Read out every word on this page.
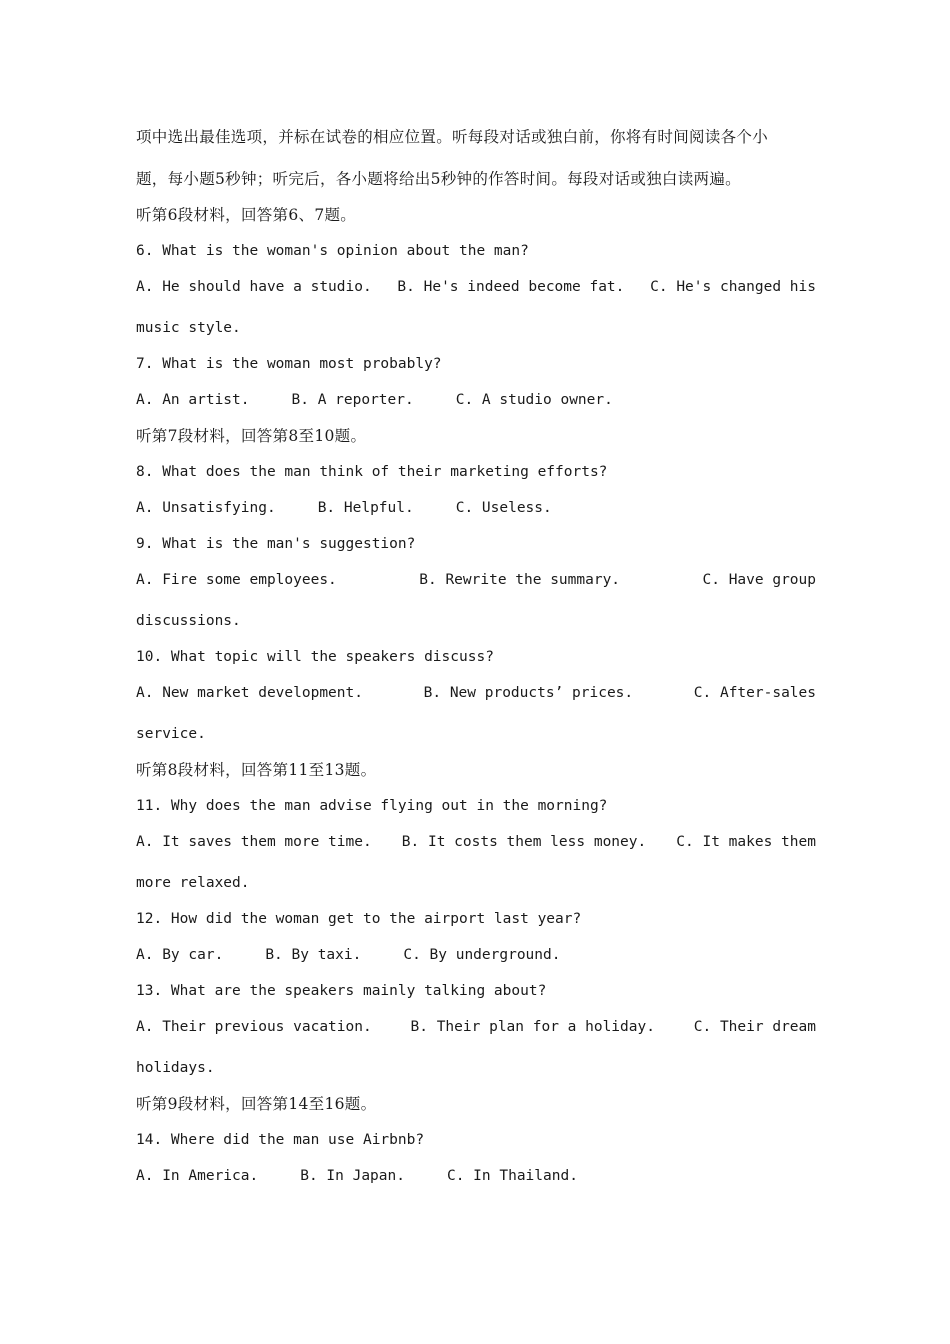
项中选出最佳选项，并标在试卷的相应位置。听每段对话或独白前，你将有时间阅读各个小
题，每小题5秒钟；听完后，各小题将给出5秒钟的作答时间。每段对话或独白读两遍。
听第6段材料，回答第6、7题。
6. What is the woman's opinion about the man?
A. He should have a studio. B. He's indeed become fat. C. He's changed his
music style.
7. What is the woman most probably?
A. An artist.	B. A reporter.	C. A studio owner.
听第7段材料，回答第8至10题。
8. What does the man think of their marketing efforts?
A. Unsatisfying.	B. Helpful.	C. Useless.
9. What is the man's suggestion?
A. Fire some employees.	B. Rewrite the summary.	C. Have group
discussions.
10. What topic will the speakers discuss?
A. New market development.	B. New products’ prices.	C. After-sales
service.
听第8段材料，回答第11至13题。
11. Why does the man advise flying out in the morning?
A. It saves them more time. B. It costs them less money. C. It makes them
more relaxed.
12. How did the woman get to the airport last year?
A. By car.	B. By taxi.	C. By underground.
13. What are the speakers mainly talking about?
A. Their previous vacation.	B. Their plan for a holiday.	C. Their dream
holidays.
听第9段材料，回答第14至16题。
14. Where did the man use Airbnb?
A. In America.	B. In Japan.	C. In Thailand.
